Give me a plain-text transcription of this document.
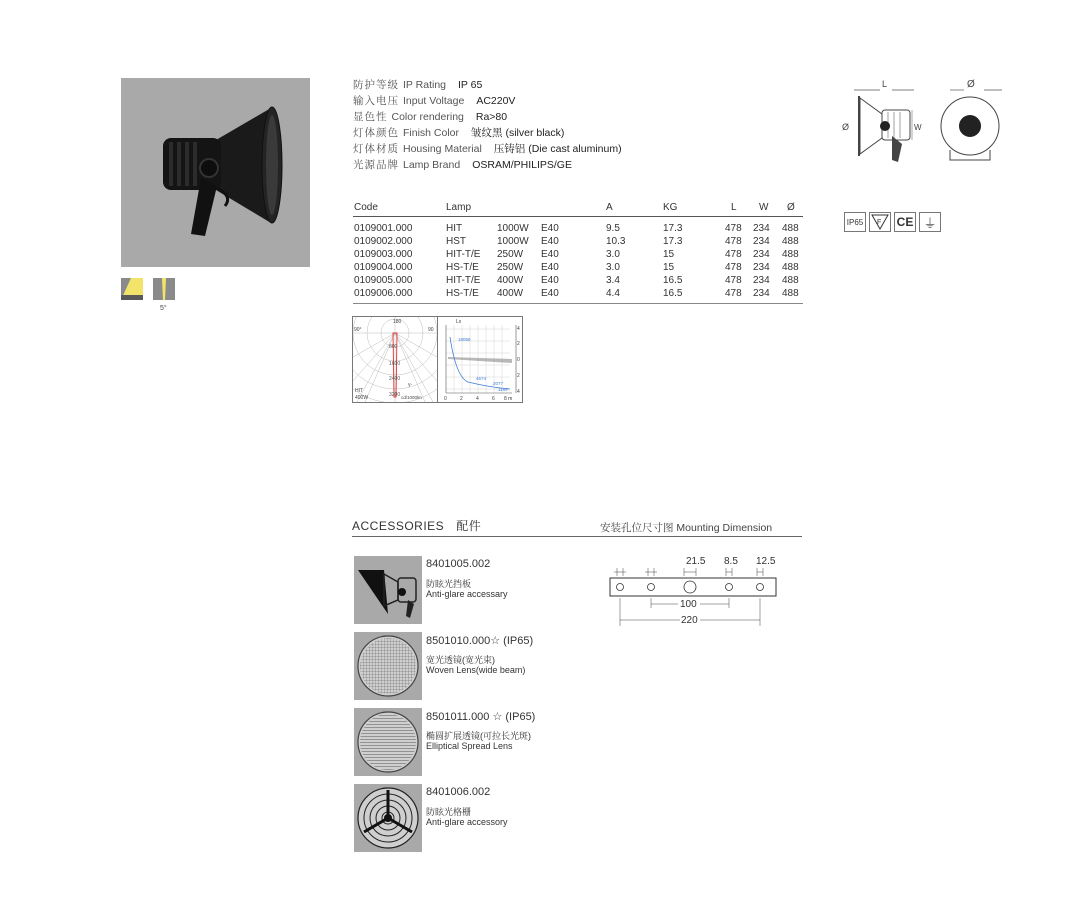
5°
防护等级 IP Rating IP 65
输入电压 Input Voltage AC220V
显色性 Color rendering Ra>80
灯体颜色 Finish Color 皱纹黑 (silver black)
灯体材质 Housing Material 压铸铝 (Die cast aluminum)
光源品牌 Lamp Brand OSRAM/PHILIPS/GE
Code	Lamp	A	KG	L W Ø
0109001.000	HIT	1000W E40	9.5	17.3	478 234 488
0109002.000	HST	1000W E40	10.3	17.3	478 234 488
0109003.000	HIT-T/E 250W E40	3.0	15	478 234 488
0109004.000	HS-T/E 250W E40	3.0	15	478 234 488
0109005.000	HIT-T/E 400W E40	3.4	16.5	478 234 488
0109006.000	HS-T/E 400W E40	4.4	16.5	478 234 488
90°	90
180
800
1600
2400
3200
γ-
HIT
400W	cd/1000lm
Lx
18058
4674
2077
1169
0	2	4	6 8 m
4
2
0
2
4
L
Ø	W
Ø
IP65	F CE ⏚
ACCESSORIES 配件	安装孔位尺寸图 Mounting Dimension
8401005.002
防眩光挡板
Anti-glare accessary
8501010.000☆ (IP65)
宽光透镜(宽光束)
Woven Lens(wide beam)
8501011.000 ☆ (IP65)
椭圆扩展透镜(可拉长光斑)
Elliptical Spread Lens
8401006.002
防眩光格栅
Anti-glare accessory
21.5 8.5 12.5
100
220
